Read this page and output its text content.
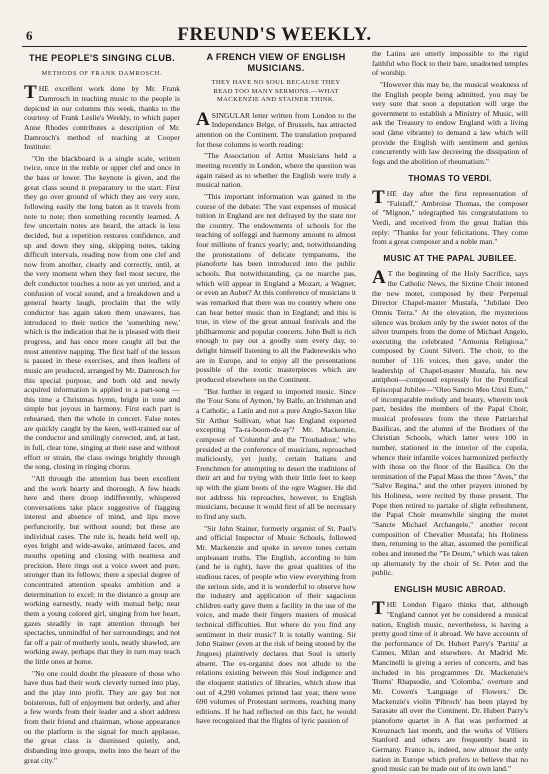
6	FREUND'S WEEKLY.
THE PEOPLE'S SINGING CLUB.
METHODS OF FRANK DAMROSCH.

THE excellent work done by Mr. Frank Damrosch in teaching music to the people is depicted in our columns this week, thanks to the courtesy of Frank Leslie's Weekly, to which paper Anne Rhodes contributes a description of Mr. Damrosch's method of teaching at Cooper Institute:

"On the blackboard is a single scale, written twice, once in the treble or upper clef and once in the bass or lower. The keynote is given, and the great class sound it preparatory to the start. First they go over ground of which they are very sure, following easily the long baton as it travels from note to note; then something recently learned. A few uncertain notes are heard, the attack is less decided, but a repetition restores confidence, and up and down they sing, skipping notes, taking difficult intervals, reading now from one clef and now from another, clearly and correctly, until, at the very moment when they feel most secure, the deft conductor touches a note as yet untried, and a confusion of vocal sound, and a breakdown and a general hearty laugh, proclaim that the wily conductor has again taken them unawares, has introduced to their notice the 'something new,' which is the indication that he is pleased with their progress, and has once more caught all but the most attentive napping. The first half of the lesson is passed in these exercises, and then leaflets of music are produced, arranged by Mr. Damrosch for this special purpose, and both old and newly acquired information is applied to a part-song — this time a Christmas hymn, bright in tone and simple but joyous in harmony. First each part is rehearsed, then the whole in concert. False notes are quickly caught by the keen, well-trained ear of the conductor and smilingly corrected, and, at last, in full, clear tone, singing at their ease and without effort or strain, the class swings brightly through the song, closing in ringing chorus.

"All through the attention has been excellent and the work hearty and thorough. A few heads here and there droop indifferently, whispered conversations take place suggestive of flagging interest and absence of mind, and lips move perfunctorily, but without sound; but these are individual cases. The rule is, heads held well up, eyes bright and wide-awake, animated faces, and mouths opening and closing with neatness and precision. Here rings out a voice sweet and pure, stronger than its fellows; there a special degree of concentrated attention speaks ambition and a determination to excel; in the distance a group are working earnestly, ready with mutual help; near them a young colored girl, singing from her heart, gazes steadily in rapt attention through her spectacles, unmindful of her surroundings; and not far off a pair of motherly souls, neatly shawled, are working away, perhaps that they in turn may teach the little ones at home.

"No one could doubt the pleasure of those who have thus had their work cleverly turned into play, and the play into profit. They are gay but not boisterous, full of enjoyment but orderly, and after a few words from their leader and a short address from their friend and chairman, whose appearance on the platform is the signal for much applause, the great class is dismissed quietly, and, disbanding into groups, melts into the heart of the great city."

A FRENCH VIEW OF ENGLISH MUSICIANS.
THEY HAVE NO SOUL BECAUSE THEY READ TOO MANY SERMONS.—WHAT MACKENZIE AND STAINER THINK.

ASINGULAR letter written from London to the Independance Belge, of Brussels, has attracted attention on the Continent. The translation prepared for these columns is worth reading:

"The Association of Artist Musicians held a meeting recently in London, where the question was again raised as to whether the English were truly a musical nation.

"This important information was gained in the course of the debate: 'The vast expenses of musical tuition in England are not defrayed by the state nor the country. The endowments of schools for the teaching of solfeggi and harmony amount to almost four millions of francs yearly; and, notwithstanding the protestations of delicate tympanums, the pianoforte has been introduced into the public schools. But notwithstanding, ça ne marche pas, which will appear in England a Mozart, a Wagner, or even an Auber? At this conference of musicians it was remarked that there was no country where one can hear better music than in England; and this is true, in view of the great annual festivals and the philharmonic and popular concerts. John Bull is rich enough to pay out a goodly sum every day, to delight himself listening to all the Paderewskis who are in Europe, and to enjoy all the presentations possible of the exotic masterpieces which are produced elsewhere on the Continent.

"But further in regard to imported music. Since the 'Four Sons of Aymon,' by Balfe, an Irishman and a Catholic, a Latin and not a pure Anglo-Saxon like Sir Arthur Sullivan, what has England exported excepting 'Ta-ra-boom-de-ay'? Mr. Mackenzie, composer of 'Columba' and the 'Troubadour,' who presided at the conference of musicians, reproached maliciously, yet justly, certain Italians and Frenchmen for attempting to desert the traditions of their art and for trying with their little feet to keep up with the giant boots of the ogre Wagner. He did not address his reproaches, however, to English musicians, because it would first of all be necessary to find any such.

"Sir John Stainer, formerly organist of St. Paul's and official Inspector of Music Schools, followed Mr. Mackenzie and spoke in severe tones certain unpleasant truths. The English, according to him (and he is right), have the great qualities of the studious races, of people who view everything from the serious side, and it is wonderful to observe how the industry and application of their sagacious children early gave them a facility in the use of the voice, and made their fingers masters of musical technical difficulties. But where do you find any sentiment in their music? It is totally wanting. Sir John Stainer (even at the risk of being stoned by the Jingoes) plaintively declares that Soul is utterly absent. The ex-organist does not allude to the relations existing between this Soul indigence and the eloquent statistics of libraries, which show that out of 4,290 volumes printed last year, there were 690 volumes of Protestant sermons, reaching many editions. If he had reflected on this fact, he would have recognized that the flights of lyric passion of

the Latins are utterly impossible to the rigid faithful who flock to their bare, unadorned temples of worship.

"However this may be, the musical weakness of the English people being admitted, you may be very sure that soon a deputation will urge the government to establish a Ministry of Music, will ask the Treasury to endow England with a living soul (âme vibrante) to demand a law which will provide the English with sentiment and genius concurrently with law decreeing the dissipation of fogs and the abolition of rheumatism."

THOMAS TO VERDI.

THE day after the first representation of "Falstaff," Ambroise Thomas, the composer of "Mignon," telegraphed his congratulations to Verdi, and received from the great Italian this reply: "Thanks for your felicitations. They come from a great composer and a noble man."

MUSIC AT THE PAPAL JUBILEE.

AT the beginning of the Holy Sacrifice, says the Catholic News, the Sixtine Choir intoned the new motet, composed by their Perpetual Director Chapel-master Mustafa, "Jubilate Deo Omnis Terra." At the elevation, the mysterious silence was broken only by the sweet notes of the silver trumpets from the dome of Michael Angelo, executing the celebrated "Armonia Religiosa," composed by Count Silveri. The choir, to the number of 116 voices, then gave, under the leadership of Chapel-master Mustafa, his new antiphon—composed expressly for the Pontifical Episcopal Jubilee—"Oleo Sancto Meo Unxi Eum," of incomparable melody and beauty, wherein took part, besides the members of the Papal Choir, musical professors from the three Patriarchal Basilicas, and the alumni of the Brothers of the Christian Schools, which latter were 100 in number, stationed in the interior of the cupola, whence their infantile voices harmonized perfectly with those on the floor of the Basilica. On the termination of the Papal Mass the three "Aves," the "Salve Regina," and the other prayers intoned by his Holiness, were recited by those present. The Pope then retired to partake of slight refreshment, the Papal Choir meanwhile singing the motet "Sancte Michael Archangele," another recent composition of Chevalier Mustafa; his Holiness then, returning to the altar, assumed the pontifical robes and intoned the "Te Deum," which was taken up alternately by the choir of St. Peter and the public.

ENGLISH MUSIC ABROAD.

THE London Figaro thinks that, although "England cannot yet be considered a musical nation, English music, nevertheless, is having a pretty good time of it abroad. We have accounts of the performance of Dr. Hubert Parry's 'Partita' at Cannes, Milan and elsewhere. At Madrid Mr. Mancinelli is giving a series of concerts, and has included in his programmes Dr. Mackenzie's 'Burns' Rhapsodie, and 'Colomba,' overture and Mr. Cowen's 'Language of Flowers.' Dr. Mackenzie's violin 'Pibroch' has been played by Sarasate all over the Continent. Dr. Hubert Parry's pianoforte quartet in A flat was performed at Kreuznach last month, and the works of Villiers Stanford and others are frequently heard in Germany. France is, indeed, now almost the only nation in Europe which prefers to believe that no good music can be made out of its own land."
